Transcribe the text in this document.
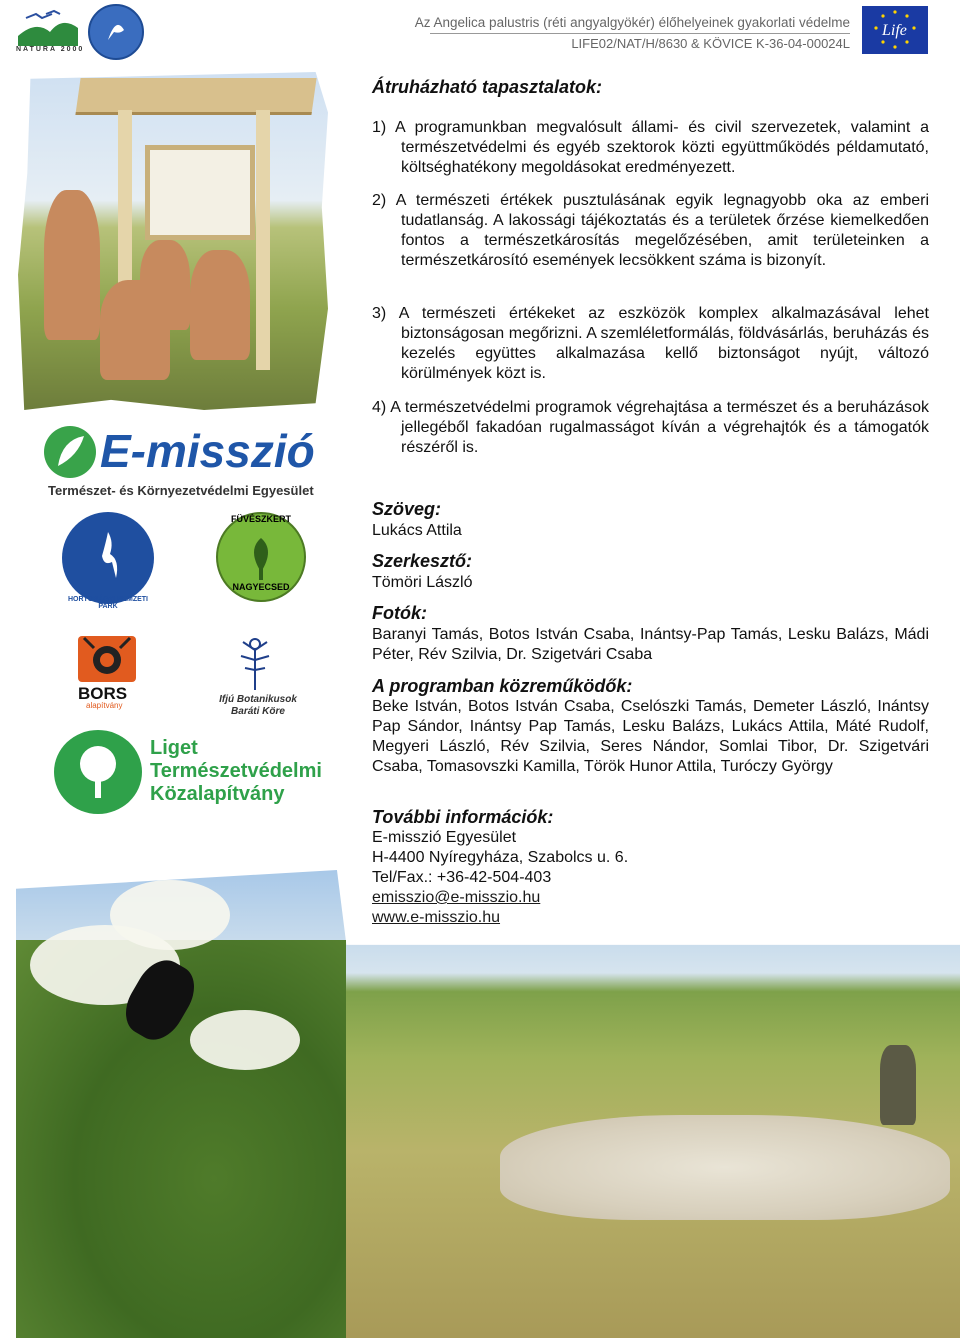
NATURA 2000
Az Angelica palustris (réti angyalgyökér) élőhelyeinek gyakorlati védelme
LIFE02/NAT/H/8630 & KÖVICE K-36-04-00024L
Life
E-misszió
Természet- és Környezetvédelmi Egyesület
HORTOBÁGYI NEMZETI PARK
FÜVÉSZKERT
NAGYECSED
BORS
alapítvány
Ifjú Botanikusok
Baráti Köre
Liget
Természetvédelmi
Közalapítvány
Átruházható tapasztalatok:
1) A programunkban megvalósult állami- és civil szervezetek, valamint a természetvédelmi és egyéb szektorok közti együttműködés példamutató, költséghatékony megoldásokat eredményezett.
2) A természeti értékek pusztulásának egyik legnagyobb oka az emberi tudatlanság. A lakossági tájékoztatás és a területek őrzése kiemelkedően fontos a természetkárosítás megelőzésében, amit területeinken a természetkárosító események lecsökkent száma is bizonyít.
3) A természeti értékeket az eszközök komplex alkalmazásával lehet biztonságosan megőrizni. A szemléletformálás, földvásárlás, beruházás és kezelés együttes alkalmazása kellő biztonságot nyújt, változó körülmények közt is.
4) A természetvédelmi programok végrehajtása a természet és a beruházások jellegéből fakadóan rugalmasságot kíván a végrehajtók és a támogatók részéről is.
Szöveg:
Lukács Attila
Szerkesztő:
Tömöri László
Fotók:
Baranyi Tamás, Botos István Csaba, Inántsy-Pap Tamás, Lesku Balázs, Mádi Péter, Rév Szilvia, Dr. Szigetvári Csaba
A programban közreműködők:
Beke István, Botos István Csaba, Cselószki Tamás, Demeter László, Inántsy Pap Sándor, Inántsy Pap Tamás, Lesku Balázs, Lukács Attila, Máté Rudolf, Megyeri László, Rév Szilvia, Seres Nándor, Somlai Tibor, Dr. Szigetvári Csaba, Tomasovszki Kamilla, Török Hunor Attila, Turóczy György
További információk:
E-misszió Egyesület
H-4400 Nyíregyháza, Szabolcs u. 6.
Tel/Fax.: +36-42-504-403
emisszio@e-misszio.hu
www.e-misszio.hu
